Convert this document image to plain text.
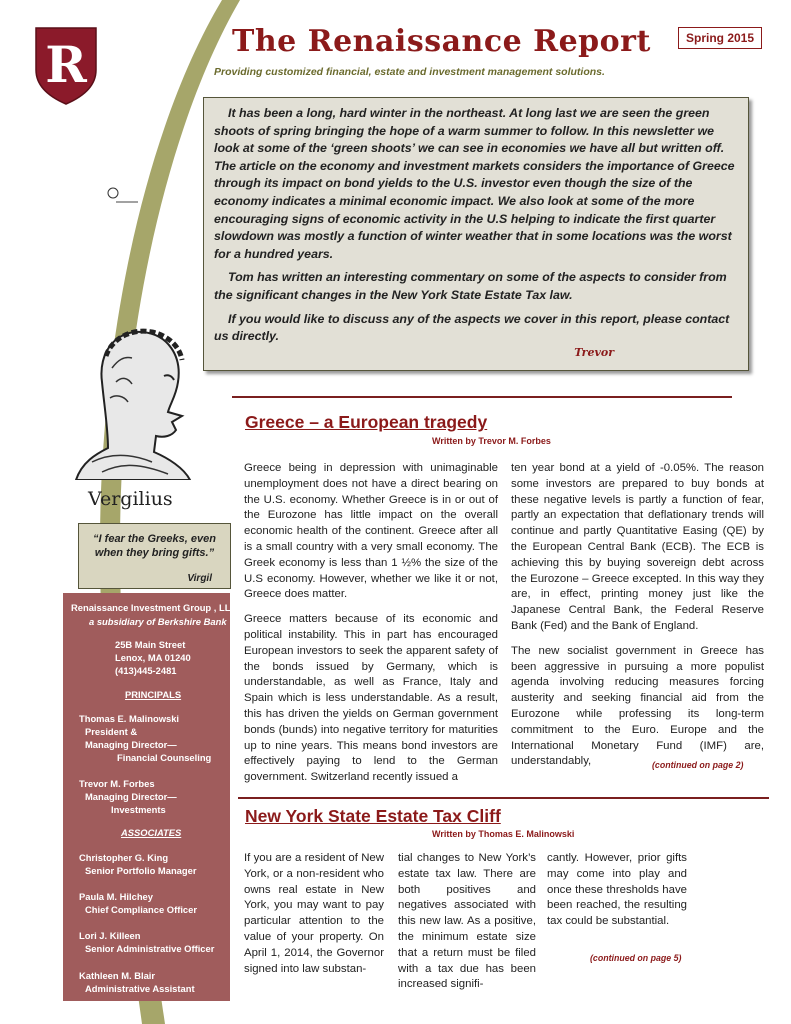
R	The Renaissance Report	Spring 2015
Providing customized financial, estate and investment management solutions.

It has been a long, hard winter in the northeast. At long last we are seen the green shoots of spring bringing the hope of a warm summer to follow. In this newsletter we look at some of the ‘green shoots’ we can see in economies we have all but written off. The article on the economy and investment markets considers the importance of Greece through its impact on bond yields to the U.S. investor even though the size of the economy indicates a minimal economic impact. We also look at some of the more encouraging signs of economic activity in the U.S helping to indicate the first quarter slowdown was mostly a function of winter weather that in some locations was the worst for a hundred years.

Tom has written an interesting commentary on some of the aspects to consider from the significant changes in the New York State Estate Tax law.

If you would like to discuss any of the aspects we cover in this report, please contact us directly.

Trevor
Vergilius
“I fear the Greeks, even when they bring gifts.”
Virgil
Renaissance Investment Group , LLC
a subsidiary of Berkshire Bank
25B Main Street
Lenox, MA 01240
(413)445-2481
PRINCIPALS
Thomas E. Malinowski
President &
Managing Director—
Financial Counseling
Trevor M. Forbes
Managing Director—
Investments
ASSOCIATES
Christopher G. King
Senior Portfolio Manager
Paula M. Hilchey
Chief Compliance Officer
Lori J. Killeen
Senior Administrative Officer
Kathleen M. Blair
Administrative Assistant
Greece – a European tragedy
Written by Trevor M. Forbes

Greece being in depression with unimaginable unemployment does not have a direct bearing on the U.S. economy. Whether Greece is in or out of the Eurozone has little impact on the overall economic health of the continent. Greece after all is a small country with a very small economy. The Greek economy is less than 1 ½% the size of the U.S economy. However, whether we like it or not, Greece does matter.

Greece matters because of its economic and political instability. This in part has encouraged European investors to seek the apparent safety of the bonds issued by Germany, which is understandable, as well as France, Italy and Spain which is less understandable. As a result, this has driven the yields on German government bonds (bunds) into negative territory for maturities up to nine years. This means bond investors are effectively paying to lend to the German government. Switzerland recently issued a

ten year bond at a yield of -0.05%. The reason some investors are prepared to buy bonds at these negative levels is partly a function of fear, partly an expectation that deflationary trends will continue and partly Quantitative Easing (QE) by the European Central Bank (ECB). The ECB is achieving this by buying sovereign debt across the Eurozone – Greece excepted. In this way they are, in effect, printing money just like the Japanese Central Bank, the Federal Reserve Bank (Fed) and the Bank of England.

The new socialist government in Greece has been aggressive in pursuing a more populist agenda involving reducing measures forcing austerity and seeking financial aid from the Eurozone while professing its long-term commitment to the Euro. Europe and the International Monetary Fund (IMF) are, understandably,	(continued on page 2)
New York State Estate Tax Cliff
Written by Thomas E. Malinowski
If you are a resident of New York, or a non-resident who owns real estate in New York, you may want to pay particular attention to the value of your property. On April 1, 2014, the Governor signed into law substan-
tial changes to New York’s estate tax law. There are both positives and negatives associated with this new law. As a positive, the minimum estate size that a return must be filed with a tax due has been increased signifi-
cantly. However, prior gifts may come into play and once these thresholds have been reached, the resulting tax could be substantial.
(continued on page 5)
